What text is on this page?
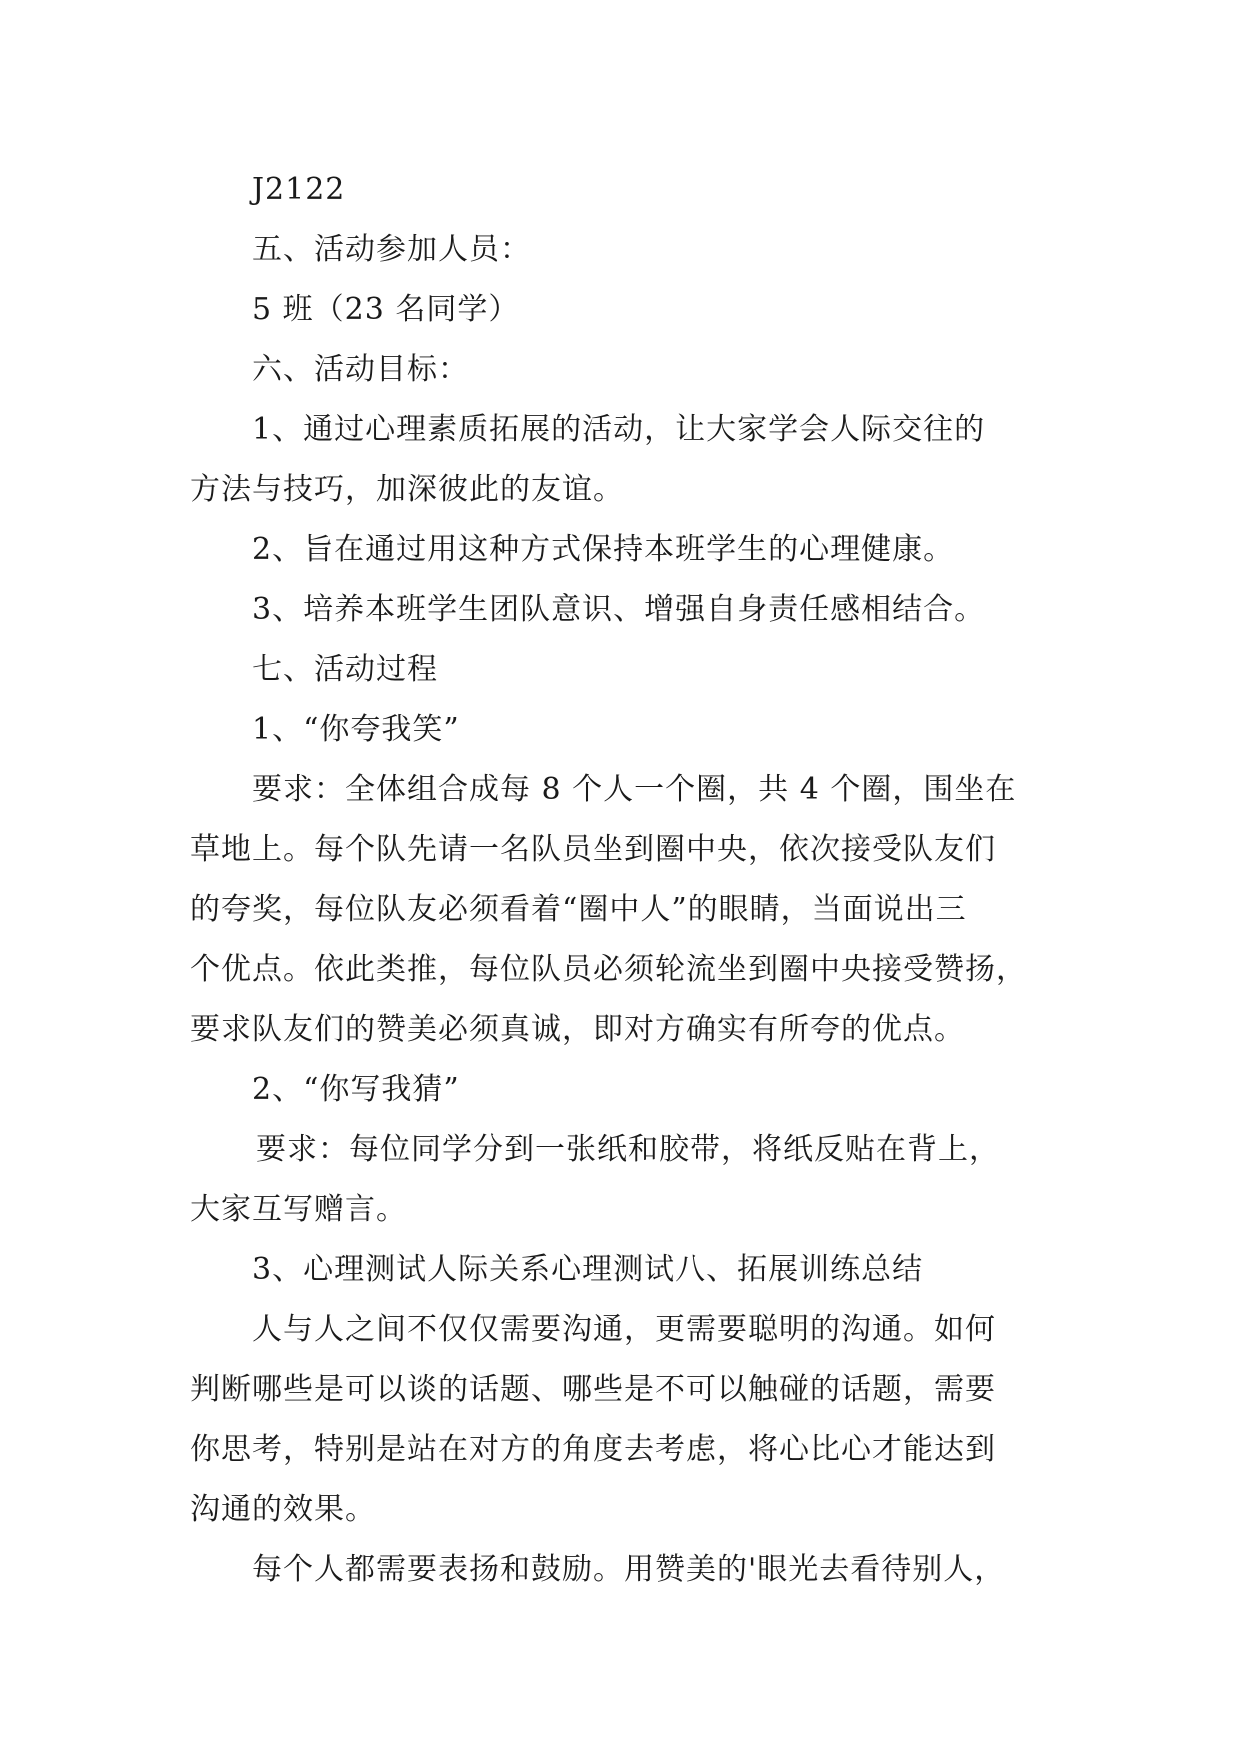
J2122
五、活动参加人员：
5 班（23 名同学）
六、活动目标：
1、通过心理素质拓展的活动，让大家学会人际交往的
方法与技巧，加深彼此的友谊。
2、旨在通过用这种方式保持本班学生的心理健康。
3、培养本班学生团队意识、增强自身责任感相结合。
七、活动过程
1、“你夸我笑”
要求：全体组合成每 8 个人一个圈，共 4 个圈，围坐在
草地上。每个队先请一名队员坐到圈中央，依次接受队友们
的夸奖，每位队友必须看着“圈中人”的眼睛，当面说出三
个优点。依此类推，每位队员必须轮流坐到圈中央接受赞扬，
要求队友们的赞美必须真诚，即对方确实有所夸的优点。
2、“你写我猜”
要求：每位同学分到一张纸和胶带，将纸反贴在背上，
大家互写赠言。
3、心理测试人际关系心理测试八、拓展训练总结
人与人之间不仅仅需要沟通，更需要聪明的沟通。如何
判断哪些是可以谈的话题、哪些是不可以触碰的话题，需要
你思考，特别是站在对方的角度去考虑，将心比心才能达到
沟通的效果。
每个人都需要表扬和鼓励。用赞美的'眼光去看待别人，
